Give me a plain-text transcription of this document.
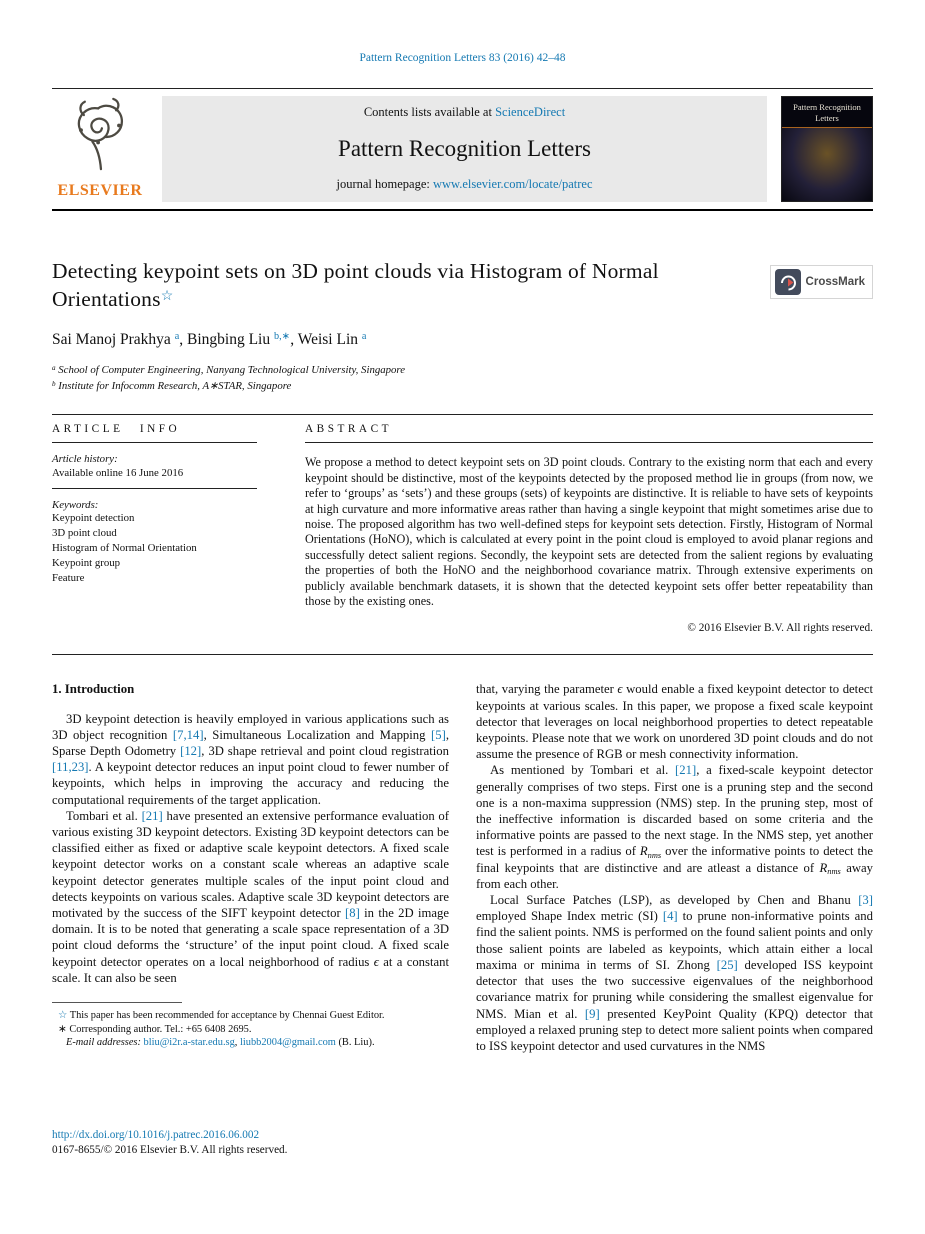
Pattern Recognition Letters 83 (2016) 42–48
ELSEVIER
Contents lists available at ScienceDirect
Pattern Recognition Letters
journal homepage: www.elsevier.com/locate/patrec
Pattern Recognition Letters
Detecting keypoint sets on 3D point clouds via Histogram of Normal Orientations☆
CrossMark
Sai Manoj Prakhya $^a$, Bingbing Liu $^{b,∗}$, Weisi Lin $^a$
$^a$ School of Computer Engineering, Nanyang Technological University, Singapore
$^b$ Institute for Infocomm Research, A∗STAR, Singapore
ARTICLE INFO
Article history:
Available online 16 June 2016
Keywords:
Keypoint detection
3D point cloud
Histogram of Normal Orientation
Keypoint group
Feature
ABSTRACT

We propose a method to detect keypoint sets on 3D point clouds. Contrary to the existing norm that each and every keypoint should be distinctive, most of the keypoints detected by the proposed method lie in groups (from now, we refer to ‘groups’ as ‘sets’) and these groups (sets) of keypoints are distinctive. It is reliable to have sets of keypoints at high curvature and more informative areas rather than having a single keypoint that might sometimes arise due to noise. The proposed algorithm has two well-defined steps for keypoint sets detection. Firstly, Histogram of Normal Orientations (HoNO), which is calculated at every point in the point cloud is employed to avoid planar regions and successfully detect salient regions. Secondly, the keypoint sets are detected from the salient regions by evaluating the properties of both the HoNO and the neighborhood covariance matrix. Through extensive experiments on publicly available benchmark datasets, it is shown that the detected keypoint sets offer better repeatability than those by the existing ones.

© 2016 Elsevier B.V. All rights reserved.
1. Introduction

3D keypoint detection is heavily employed in various applications such as 3D object recognition [7,14], Simultaneous Localization and Mapping [5], Sparse Depth Odometry [12], 3D shape retrieval and point cloud registration [11,23]. A keypoint detector reduces an input point cloud to fewer number of keypoints, which helps in improving the accuracy and reducing the computational requirements of the target application.

Tombari et al. [21] have presented an extensive performance evaluation of various existing 3D keypoint detectors. Existing 3D keypoint detectors can be classified either as fixed or adaptive scale keypoint detectors. A fixed scale keypoint detector works on a constant scale whereas an adaptive scale keypoint detector generates multiple scales of the input point cloud and detects keypoints on various scales. Adaptive scale 3D keypoint detectors are motivated by the success of the SIFT keypoint detector [8] in the 2D image domain. It is to be noted that generating a scale space representation of a 3D point cloud deforms the ‘structure’ of the input point cloud. A fixed scale keypoint detector operates on a local neighborhood of radius ϵ at a constant scale. It can also be seen

☆ This paper has been recommended for acceptance by Chennai Guest Editor.
∗ Corresponding author. Tel.: +65 6408 2695.
E-mail addresses: bliu@i2r.a-star.edu.sg, liubb2004@gmail.com (B. Liu).

that, varying the parameter ϵ would enable a fixed keypoint detector to detect keypoints at various scales. In this paper, we propose a fixed scale keypoint detector that leverages on local neighborhood properties to detect repeatable keypoints. Please note that we work on unordered 3D point clouds and do not assume the presence of RGB or mesh connectivity information.

As mentioned by Tombari et al. [21], a fixed-scale keypoint detector generally comprises of two steps. First one is a pruning step and the second one is a non-maxima suppression (NMS) step. In the pruning step, most of the ineffective information is discarded based on some criteria and the informative points are passed to the next stage. In the NMS step, yet another test is performed in a radius of $R_{nms}$ over the informative points to detect the final keypoints that are distinctive and are atleast a distance of $R_{nms}$ away from each other.

Local Surface Patches (LSP), as developed by Chen and Bhanu [3] employed Shape Index metric (SI) [4] to prune non-informative points and find the salient points. NMS is performed on the found salient points and only those salient points are labeled as keypoints, which attain either a local maxima or minima in terms of SI. Zhong [25] developed ISS keypoint detector that uses the two successive eigenvalues of the neighborhood covariance matrix for pruning while considering the smallest eigenvalue for NMS. Mian et al. [9] presented KeyPoint Quality (KPQ) detector that employed a relaxed pruning step to detect more salient points when compared to ISS keypoint detector and used curvatures in the NMS

http://dx.doi.org/10.1016/j.patrec.2016.06.002
0167-8655/© 2016 Elsevier B.V. All rights reserved.
